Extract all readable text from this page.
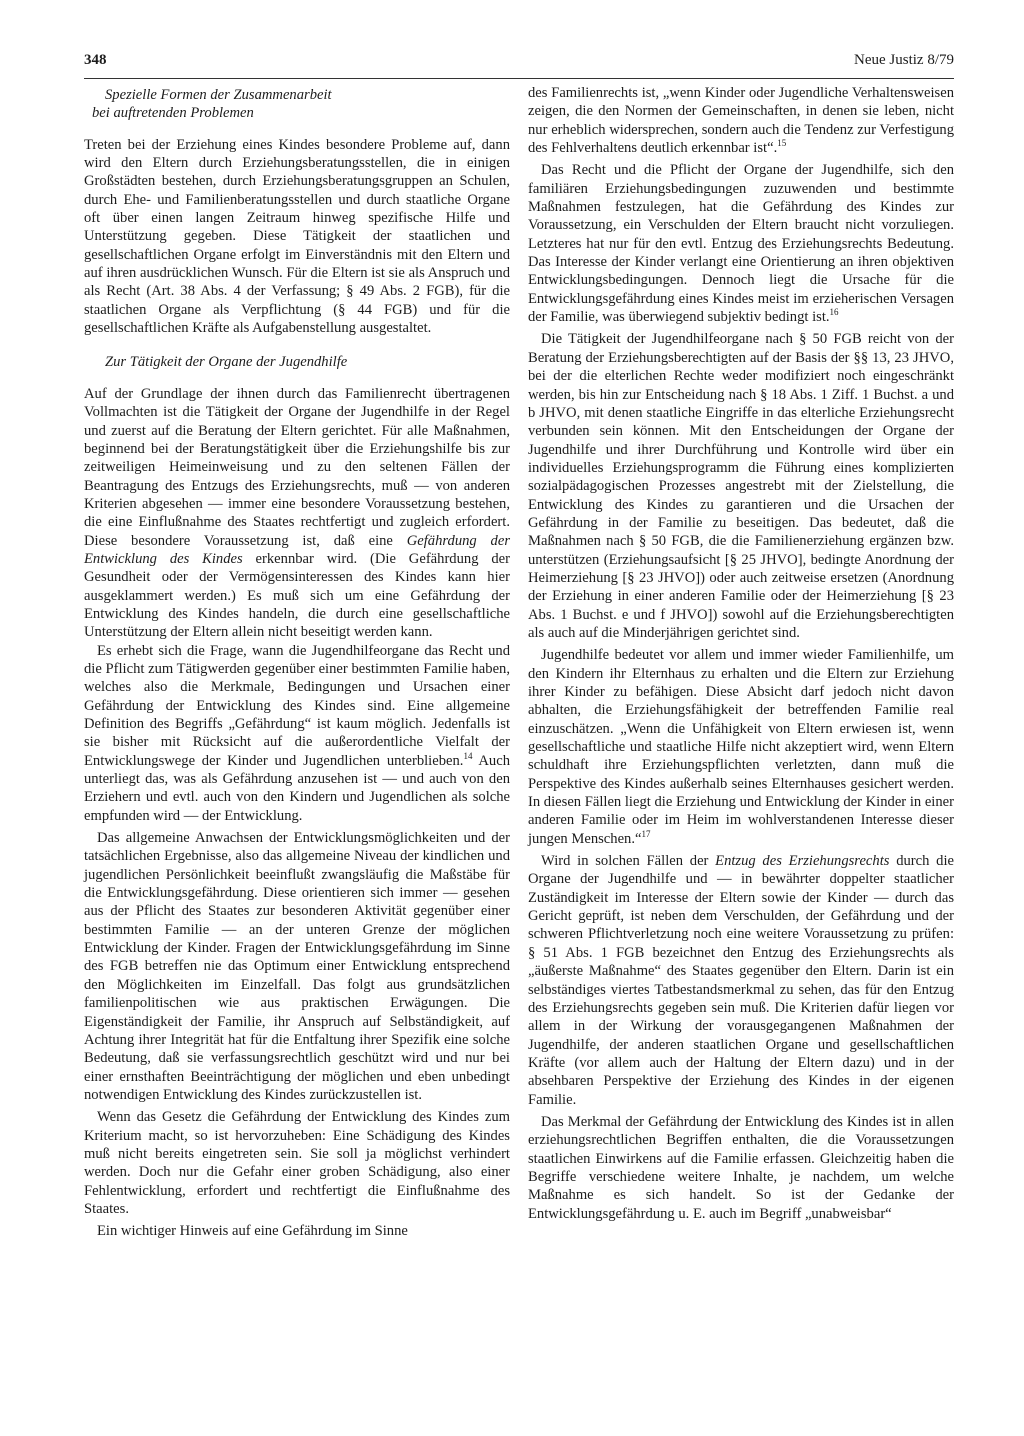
348	Neue Justiz 8/79

Spezielle Formen der Zusammenarbeit
bei auftretenden Problemen

Treten bei der Erziehung eines Kindes besondere Probleme auf, dann wird den Eltern durch Erziehungsberatungsstellen, die in einigen Großstädten bestehen, durch Erziehungsberatungsgruppen an Schulen, durch Ehe- und Familienberatungsstellen und durch staatliche Organe oft über einen langen Zeitraum hinweg spezifische Hilfe und Unterstützung gegeben. Diese Tätigkeit der staatlichen und gesellschaftlichen Organe erfolgt im Einverständnis mit den Eltern und auf ihren ausdrücklichen Wunsch. Für die Eltern ist sie als Anspruch und als Recht (Art. 38 Abs. 4 der Verfassung; § 49 Abs. 2 FGB), für die staatlichen Organe als Verpflichtung (§ 44 FGB) und für die gesellschaftlichen Kräfte als Aufgabenstellung ausgestaltet.

Zur Tätigkeit der Organe der Jugendhilfe

Auf der Grundlage der ihnen durch das Familienrecht übertragenen Vollmachten ist die Tätigkeit der Organe der Jugendhilfe in der Regel und zuerst auf die Beratung der Eltern gerichtet. Für alle Maßnahmen, beginnend bei der Beratungstätigkeit über die Erziehungshilfe bis zur zeitweiligen Heimeinweisung und zu den seltenen Fällen der Beantragung des Entzugs des Erziehungsrechts, muß — von anderen Kriterien abgesehen — immer eine besondere Voraussetzung bestehen, die eine Einflußnahme des Staates rechtfertigt und zugleich erfordert. Diese besondere Voraussetzung ist, daß eine Gefährdung der Entwicklung des Kindes erkennbar wird. (Die Gefährdung der Gesundheit oder der Vermögensinteressen des Kindes kann hier ausgeklammert werden.) Es muß sich um eine Gefährdung der Entwicklung des Kindes handeln, die durch eine gesellschaftliche Unterstützung der Eltern allein nicht beseitigt werden kann.

Es erhebt sich die Frage, wann die Jugendhilfeorgane das Recht und die Pflicht zum Tätigwerden gegenüber einer bestimmten Familie haben, welches also die Merkmale, Bedingungen und Ursachen einer Gefährdung der Entwicklung des Kindes sind. Eine allgemeine Definition des Begriffs „Gefährdung“ ist kaum möglich. Jedenfalls ist sie bisher mit Rücksicht auf die außerordentliche Vielfalt der Entwicklungswege der Kinder und Jugendlichen unterblieben.$^{14}$ Auch unterliegt das, was als Gefährdung anzusehen ist — und auch von den Erziehern und evtl. auch von den Kindern und Jugendlichen als solche empfunden wird — der Entwicklung.

Das allgemeine Anwachsen der Entwicklungsmöglichkeiten und der tatsächlichen Ergebnisse, also das allgemeine Niveau der kindlichen und jugendlichen Persönlichkeit beeinflußt zwangsläufig die Maßstäbe für die Entwicklungsgefährdung. Diese orientieren sich immer — gesehen aus der Pflicht des Staates zur besonderen Aktivität gegenüber einer bestimmten Familie — an der unteren Grenze der möglichen Entwicklung der Kinder. Fragen der Entwicklungsgefährdung im Sinne des FGB betreffen nie das Optimum einer Entwicklung entsprechend den Möglichkeiten im Einzelfall. Das folgt aus grundsätzlichen familienpolitischen wie aus praktischen Erwägungen. Die Eigenständigkeit der Familie, ihr Anspruch auf Selbständigkeit, auf Achtung ihrer Integrität hat für die Entfaltung ihrer Spezifik eine solche Bedeutung, daß sie verfassungsrechtlich geschützt wird und nur bei einer ernsthaften Beeinträchtigung der möglichen und eben unbedingt notwendigen Entwicklung des Kindes zurückzustellen ist.

Wenn das Gesetz die Gefährdung der Entwicklung des Kindes zum Kriterium macht, so ist hervorzuheben: Eine Schädigung des Kindes muß nicht bereits eingetreten sein. Sie soll ja möglichst verhindert werden. Doch nur die Gefahr einer groben Schädigung, also einer Fehlentwicklung, erfordert und rechtfertigt die Einflußnahme des Staates.

Ein wichtiger Hinweis auf eine Gefährdung im Sinne

des Familienrechts ist, „wenn Kinder oder Jugendliche Verhaltensweisen zeigen, die den Normen der Gemeinschaften, in denen sie leben, nicht nur erheblich widersprechen, sondern auch die Tendenz zur Verfestigung des Fehlverhaltens deutlich erkennbar ist“.$^{15}$

Das Recht und die Pflicht der Organe der Jugendhilfe, sich den familiären Erziehungsbedingungen zuzuwenden und bestimmte Maßnahmen festzulegen, hat die Gefährdung des Kindes zur Voraussetzung, ein Verschulden der Eltern braucht nicht vorzuliegen. Letzteres hat nur für den evtl. Entzug des Erziehungsrechts Bedeutung. Das Interesse der Kinder verlangt eine Orientierung an ihren objektiven Entwicklungsbedingungen. Dennoch liegt die Ursache für die Entwicklungsgefährdung eines Kindes meist im erzieherischen Versagen der Familie, was überwiegend subjektiv bedingt ist.$^{16}$

Die Tätigkeit der Jugendhilfeorgane nach § 50 FGB reicht von der Beratung der Erziehungsberechtigten auf der Basis der §§ 13, 23 JHVO, bei der die elterlichen Rechte weder modifiziert noch eingeschränkt werden, bis hin zur Entscheidung nach § 18 Abs. 1 Ziff. 1 Buchst. a und b JHVO, mit denen staatliche Eingriffe in das elterliche Erziehungsrecht verbunden sein können. Mit den Entscheidungen der Organe der Jugendhilfe und ihrer Durchführung und Kontrolle wird über ein individuelles Erziehungsprogramm die Führung eines komplizierten sozialpädagogischen Prozesses angestrebt mit der Zielstellung, die Entwicklung des Kindes zu garantieren und die Ursachen der Gefährdung in der Familie zu beseitigen. Das bedeutet, daß die Maßnahmen nach § 50 FGB, die die Familienerziehung ergänzen bzw. unterstützen (Erziehungsaufsicht [§ 25 JHVO], bedingte Anordnung der Heimerziehung [§ 23 JHVO]) oder auch zeitweise ersetzen (Anordnung der Erziehung in einer anderen Familie oder der Heimerziehung [§ 23 Abs. 1 Buchst. e und f JHVO]) sowohl auf die Erziehungsberechtigten als auch auf die Minderjährigen gerichtet sind.

Jugendhilfe bedeutet vor allem und immer wieder Familienhilfe, um den Kindern ihr Elternhaus zu erhalten und die Eltern zur Erziehung ihrer Kinder zu befähigen. Diese Absicht darf jedoch nicht davon abhalten, die Erziehungsfähigkeit der betreffenden Familie real einzuschätzen. „Wenn die Unfähigkeit von Eltern erwiesen ist, wenn gesellschaftliche und staatliche Hilfe nicht akzeptiert wird, wenn Eltern schuldhaft ihre Erziehungspflichten verletzten, dann muß die Perspektive des Kindes außerhalb seines Elternhauses gesichert werden. In diesen Fällen liegt die Erziehung und Entwicklung der Kinder in einer anderen Familie oder im Heim im wohlverstandenen Interesse dieser jungen Menschen.“$^{17}$

Wird in solchen Fällen der Entzug des Erziehungsrechts durch die Organe der Jugendhilfe und — in bewährter doppelter staatlicher Zuständigkeit im Interesse der Eltern sowie der Kinder — durch das Gericht geprüft, ist neben dem Verschulden, der Gefährdung und der schweren Pflichtverletzung noch eine weitere Voraussetzung zu prüfen: § 51 Abs. 1 FGB bezeichnet den Entzug des Erziehungsrechts als „äußerste Maßnahme“ des Staates gegenüber den Eltern. Darin ist ein selbständiges viertes Tatbestandsmerkmal zu sehen, das für den Entzug des Erziehungsrechts gegeben sein muß. Die Kriterien dafür liegen vor allem in der Wirkung der vorausgegangenen Maßnahmen der Jugendhilfe, der anderen staatlichen Organe und gesellschaftlichen Kräfte (vor allem auch der Haltung der Eltern dazu) und in der absehbaren Perspektive der Erziehung des Kindes in der eigenen Familie.

Das Merkmal der Gefährdung der Entwicklung des Kindes ist in allen erziehungsrechtlichen Begriffen enthalten, die die Voraussetzungen staatlichen Einwirkens auf die Familie erfassen. Gleichzeitig haben die Begriffe verschiedene weitere Inhalte, je nachdem, um welche Maßnahme es sich handelt. So ist der Gedanke der Entwicklungsgefährdung u. E. auch im Begriff „unabweisbar“
